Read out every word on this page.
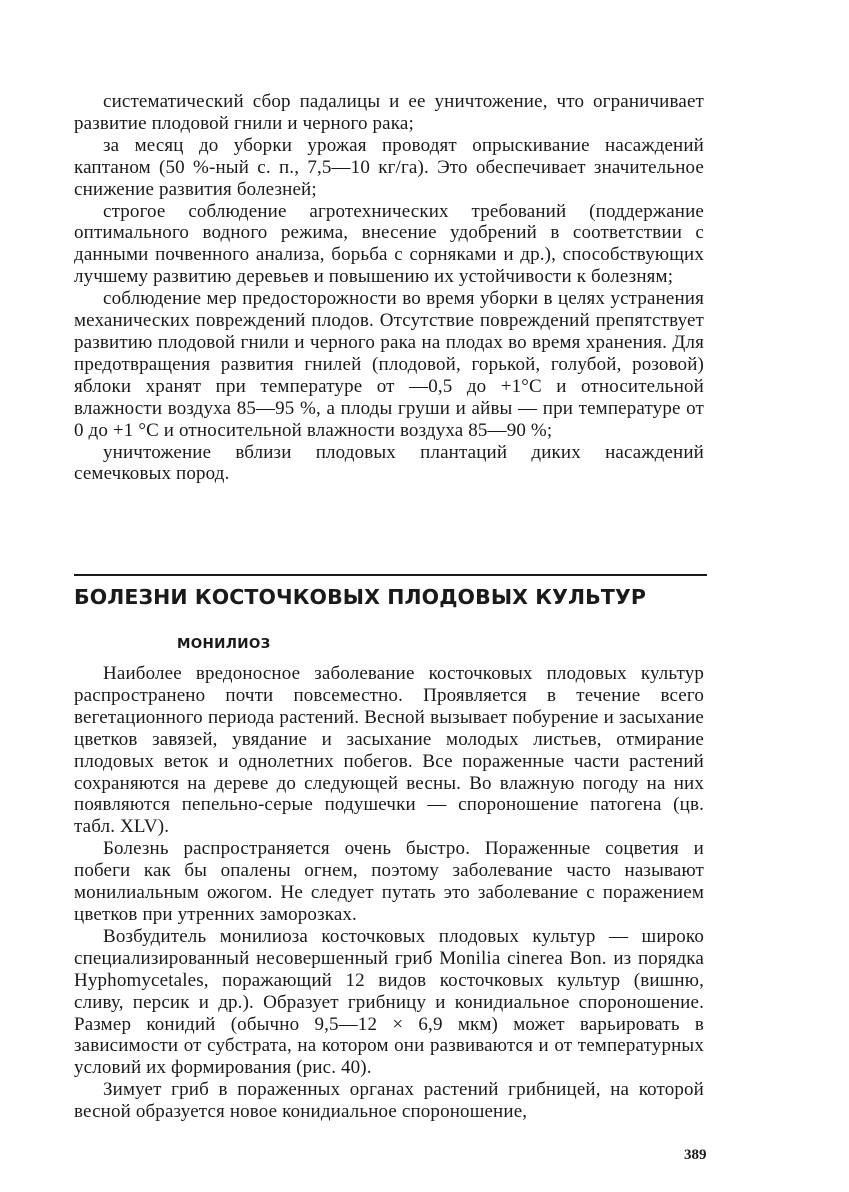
систематический сбор падалицы и ее уничтожение, что ограничивает развитие плодовой гнили и черного рака;

за месяц до уборки урожая проводят опрыскивание насаждений каптаном (50 %-ный с. п., 7,5—10 кг/га). Это обеспечивает значительное снижение развития болезней;

строгое соблюдение агротехнических требований (поддержание оптимального водного режима, внесение удобрений в соответствии с данными почвенного анализа, борьба с сорняками и др.), способствующих лучшему развитию деревьев и повышению их устойчивости к болезням;

соблюдение мер предосторожности во время уборки в целях устранения механических повреждений плодов. Отсутствие повреждений препятствует развитию плодовой гнили и черного рака на плодах во время хранения. Для предотвращения развития гнилей (плодовой, горькой, голубой, розовой) яблоки хранят при температуре от —0,5 до +1°С и относительной влажности воздуха 85—95 %, а плоды груши и айвы — при температуре от 0 до +1 °С и относительной влажности воздуха 85—90 %;

уничтожение вблизи плодовых плантаций диких насаждений семечковых пород.

БОЛЕЗНИ КОСТОЧКОВЫХ ПЛОДОВЫХ КУЛЬТУР
МОНИЛИОЗ

Наиболее вредоносное заболевание косточковых плодовых культур распространено почти повсеместно. Проявляется в течение всего вегетационного периода растений. Весной вызывает побурение и засыхание цветков завязей, увядание и засыхание молодых листьев, отмирание плодовых веток и однолетних побегов. Все пораженные части растений сохраняются на дереве до следующей весны. Во влажную погоду на них появляются пепельно-серые подушечки — спороношение патогена (цв. табл. XLV).

Болезнь распространяется очень быстро. Пораженные соцветия и побеги как бы опалены огнем, поэтому заболевание часто называют монилиальным ожогом. Не следует путать это заболевание с поражением цветков при утренних заморозках.

Возбудитель монилиоза косточковых плодовых культур — широко специализированный несовершенный гриб Monilia cinerea Bon. из порядка Hyphomycetales, поражающий 12 видов косточковых культур (вишню, сливу, персик и др.). Образует грибницу и конидиальное спороношение. Размер конидий (обычно 9,5—12 × 6,9 мкм) может варьировать в зависимости от субстрата, на котором они развиваются и от температурных условий их формирования (рис. 40).

Зимует гриб в пораженных органах растений грибницей, на которой весной образуется новое конидиальное спороношение,

389
